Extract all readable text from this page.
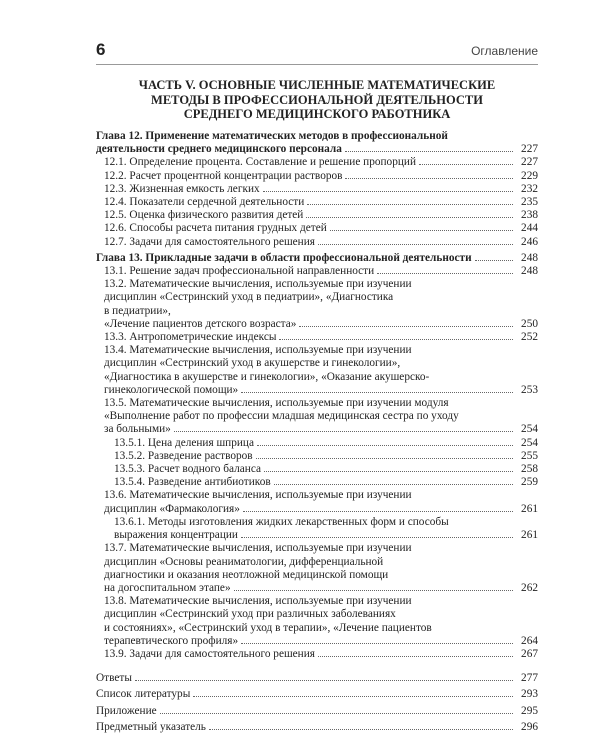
6	Оглавление
ЧАСТЬ V. ОСНОВНЫЕ ЧИСЛЕННЫЕ МАТЕМАТИЧЕСКИЕ
МЕТОДЫ В ПРОФЕССИОНАЛЬНОЙ ДЕЯТЕЛЬНОСТИ
СРЕДНЕГО МЕДИЦИНСКОГО РАБОТНИКА
Глава 12. Применение математических методов в профессиональной
деятельности среднего медицинского персонала	227
12.1. Определение процента. Составление и решение пропорций	227
12.2. Расчет процентной концентрации растворов	229
12.3. Жизненная емкость легких	232
12.4. Показатели сердечной деятельности	235
12.5. Оценка физического развития детей	238
12.6. Способы расчета питания грудных детей	244
12.7. Задачи для самостоятельного решения	246
Глава 13. Прикладные задачи в области профессиональной деятельности	248
13.1. Решение задач профессиональной направленности	248
13.2. Математические вычисления, используемые при изучении
дисциплин «Сестринский уход в педиатрии», «Диагностика
в педиатрии»,
«Лечение пациентов детского возраста»	250
13.3. Антропометрические индексы	252
13.4. Математические вычисления, используемые при изучении
дисциплин «Сестринский уход в акушерстве и гинекологии»,
«Диагностика в акушерстве и гинекологии», «Оказание акушерско-
гинекологической помощи»	253
13.5. Математические вычисления, используемые при изучении модуля
«Выполнение работ по профессии младшая медицинская сестра по уходу
за больными»	254
13.5.1. Цена деления шприца	254
13.5.2. Разведение растворов	255
13.5.3. Расчет водного баланса	258
13.5.4. Разведение антибиотиков	259
13.6. Математические вычисления, используемые при изучении
дисциплин «Фармакология»	261
13.6.1. Методы изготовления жидких лекарственных форм и способы
выражения концентрации	261
13.7. Математические вычисления, используемые при изучении
дисциплин «Основы реаниматологии, дифференциальной
диагностики и оказания неотложной медицинской помощи
на догоспитальном этапе»	262
13.8. Математические вычисления, используемые при изучении
дисциплин «Сестринский уход при различных заболеваниях
и состояниях», «Сестринский уход в терапии», «Лечение пациентов
терапевтического профиля»	264
13.9. Задачи для самостоятельного решения	267
Ответы	277
Список литературы	293
Приложение	295
Предметный указатель	296
